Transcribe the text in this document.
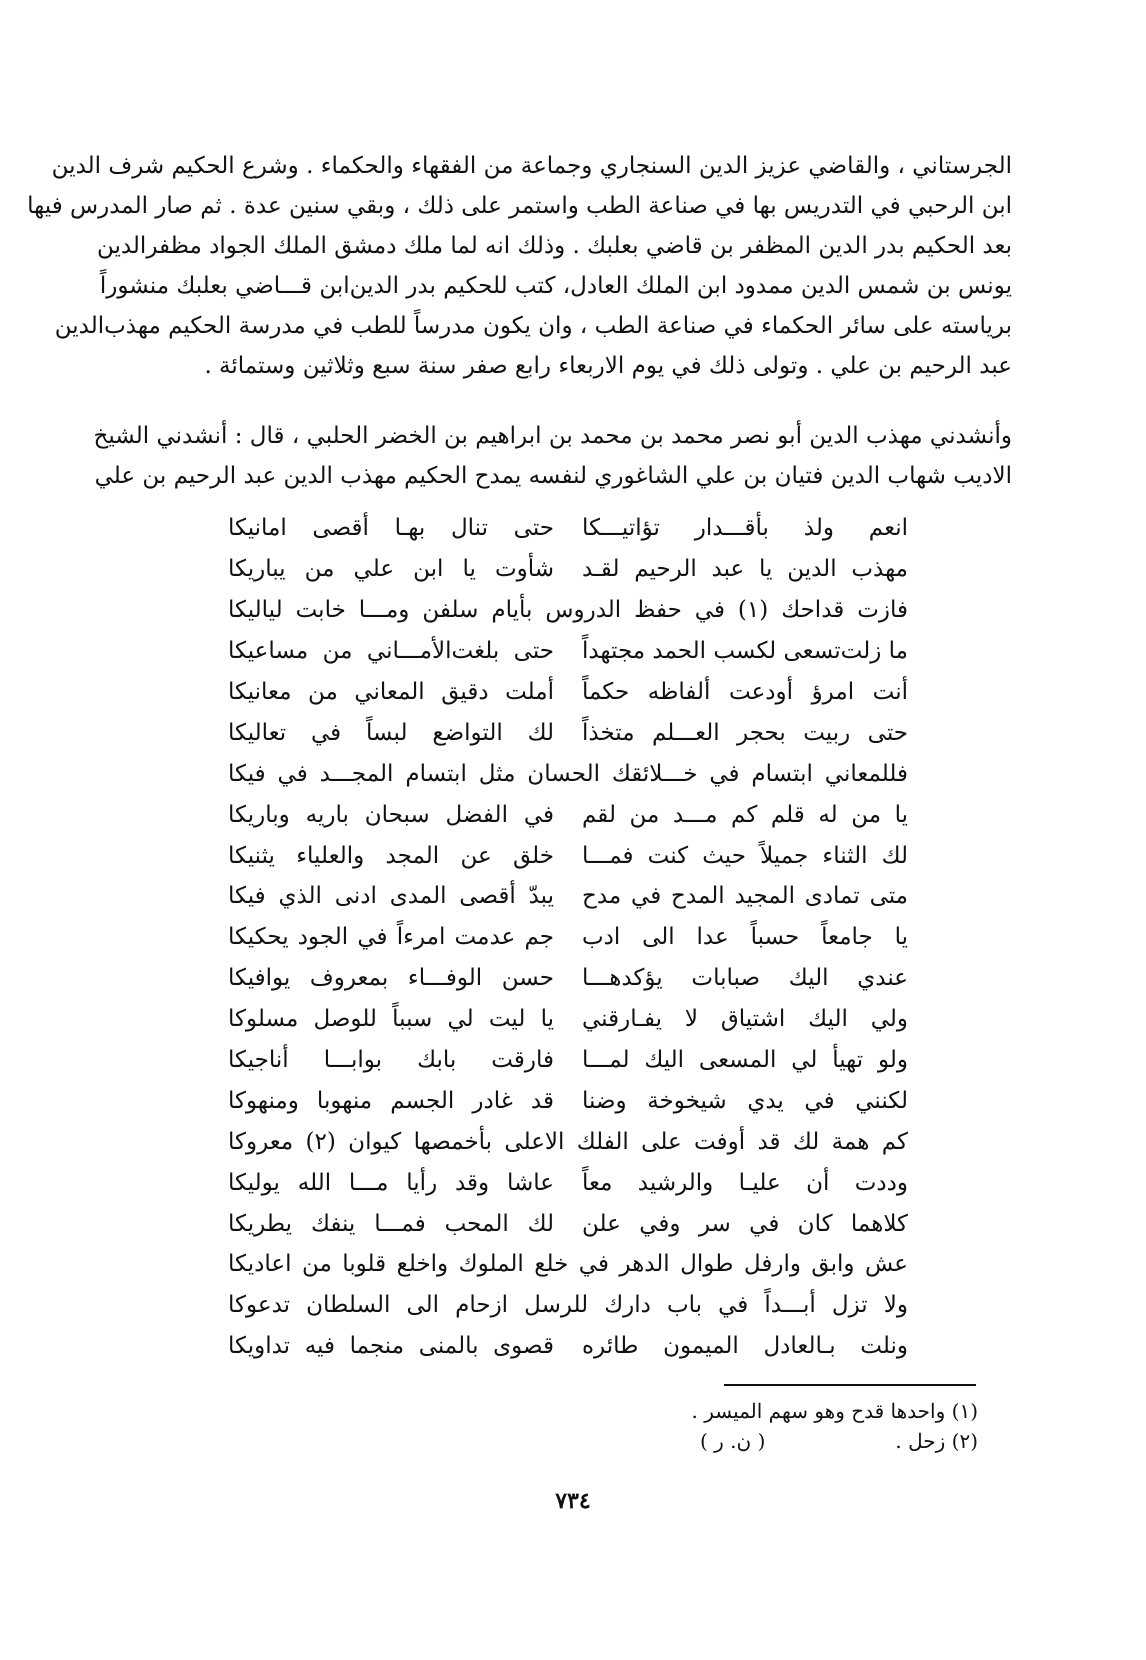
الجرستاني ، والقاضي عزيز الدين السنجاري وجماعة من الفقهاء والحكماء . وشرع الحكيم شرف الدين
ابن الرحبي في التدريس بها في صناعة الطب واستمر على ذلك ، وبقي سنين عدة . ثم صار المدرس فيها
بعد الحكيم بدر الدين المظفر بن قاضي بعلبك . وذلك انه لما ملك دمشق الملك الجواد مظفرالدين
يونس بن شمس الدين ممدود ابن الملك العادل، كتب للحكيم بدر الدين‌ابن قـــاضي بعلبك منشوراً
برياسته على سائر الحكماء في صناعة الطب ، وان يكون مدرساً للطب في مدرسة الحكيم مهذب‌الدين
عبد الرحيم بن علي . وتولى ذلك في يوم الاربعاء رابع صفر سنة سبع وثلاثين وستمائة .
وأنشدني مهذب الدين أبو نصر محمد بن محمد بن ابراهيم بن الخضر الحلبي ، قال : أنشدني الشيخ
الاديب شهاب الدين فتيان بن علي الشاغوري لنفسه يمدح الحكيم مهذب الدين عبد الرحيم بن علي
انعم ولذ بأقـــدار تؤاتيـــكا
حتى تنال بهـا أقصى امانيكا
مهذب الدين يا عبد الرحيم لقـد
شأوت يا ابن علي من يباريكا
فازت قداحك (١) في حفظ الدروس بأيام سلفن ومـــا خابت لياليكا
ما زلت‌تسعى لكسب الحمد مجتهداً
حتى بلغت‌الأمـــاني من مساعيكا
أنت امرؤ أودعت ألفاظه حكماً
أملت دقيق المعاني من معانيكا
حتى ربيت بحجر العـــلم متخذاً
لك التواضع لبساً في تعاليكا
فللمعاني ابتسام في خـــلائقك الحسان مثل ابتسام المجـــد في فيكا
يا من له قلم كم مـــد من لقم
في الفضل سبحان باريه وباريكا
لك الثناء جميلاً حيث كنت فمـــا
خلق عن المجد والعلياء يثنيكا
متى تمادى المجيد المدح في مدح
يبدّ أقصى المدى ادنى الذي فيكا
يا جامعاً حسباً عدا الى ادب
جم عدمت امرءاً في الجود يحكيكا
عندي اليك صبابات يؤكدهـــا
حسن الوفـــاء بمعروف يوافيكا
ولي اليك اشتياق لا يفـارقني
يا ليت لي سبباً للوصل مسلوكا
ولو تهيأ لي المسعى اليك لمـــا
فارقت بابك بوابـــا أناجيكا
لكنني في يدي شيخوخة وضنا
قد غادر الجسم منهوبا ومنهوكا
كم همة لك قد أوفت على الفلك الاعلى بأخمصها كيوان (٢) معروكا
وددت أن عليـا والرشيد معاً
عاشا وقد رأيا مـــا الله يوليكا
كلاهما كان في سر وفي علن
لك المحب فمـــا ينفك يطريكا
عش وابق وارفل طوال الدهر في خلع الملوك واخلع قلوبا من اعاديكا
ولا تزل أبـــداً في باب دارك للرسل ازحام الى السلطان تدعوكا
ونلت بـالعادل الميمون طائره
قصوى بالمنى منجما فيه تداويكا
(١) واحدها قدح وهو سهم الميسر .
(٢) زحل .
( ن. ر )
٧٣٤
